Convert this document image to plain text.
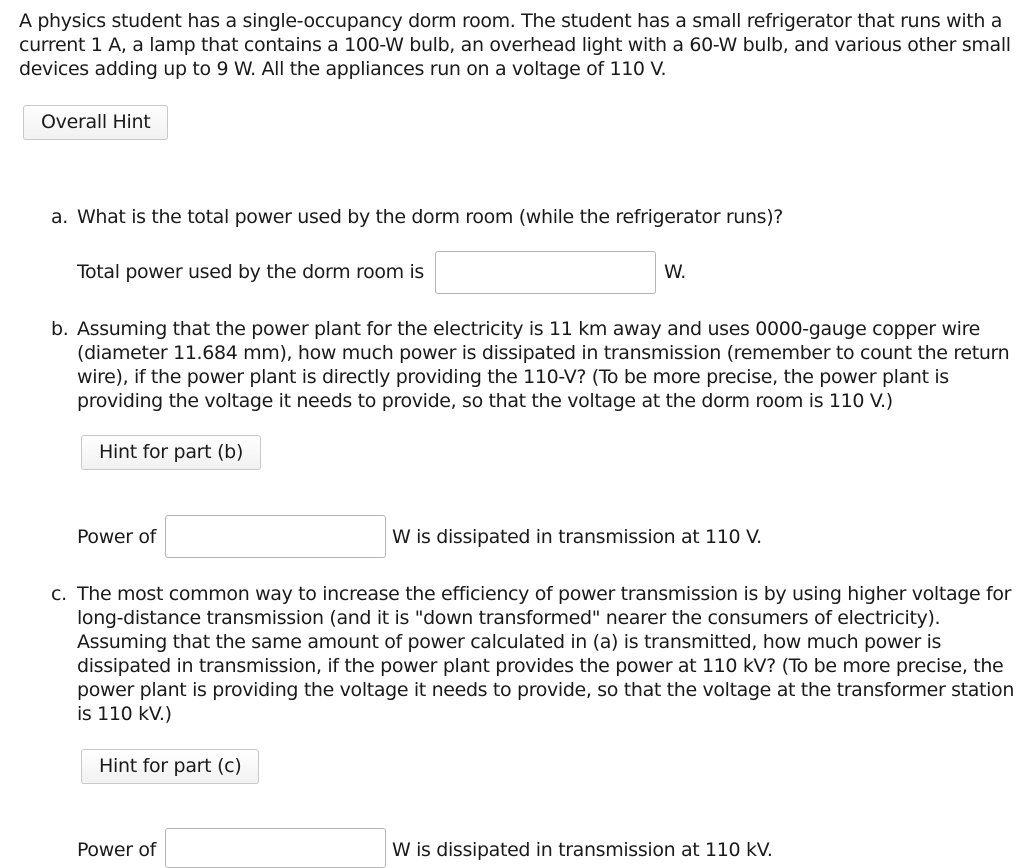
A physics student has a single-occupancy dorm room. The student has a small refrigerator that runs with a current 1 A, a lamp that contains a 100-W bulb, an overhead light with a 60-W bulb, and various other small devices adding up to 9 W. All the appliances run on a voltage of 110 V.
Overall Hint
a. What is the total power used by the dorm room (while the refrigerator runs)?
Total power used by the dorm room is	W.
b. Assuming that the power plant for the electricity is 11 km away and uses 0000-gauge copper wire (diameter 11.684 mm), how much power is dissipated in transmission (remember to count the return wire), if the power plant is directly providing the 110-V? (To be more precise, the power plant is providing the voltage it needs to provide, so that the voltage at the dorm room is 110 V.)
Hint for part (b)
Power of	W is dissipated in transmission at 110 V.
c. The most common way to increase the efficiency of power transmission is by using higher voltage for long-distance transmission (and it is "down transformed" nearer the consumers of electricity). Assuming that the same amount of power calculated in (a) is transmitted, how much power is dissipated in transmission, if the power plant provides the power at 110 kV? (To be more precise, the power plant is providing the voltage it needs to provide, so that the voltage at the transformer station is 110 kV.)
Hint for part (c)
Power of	W is dissipated in transmission at 110 kV.
